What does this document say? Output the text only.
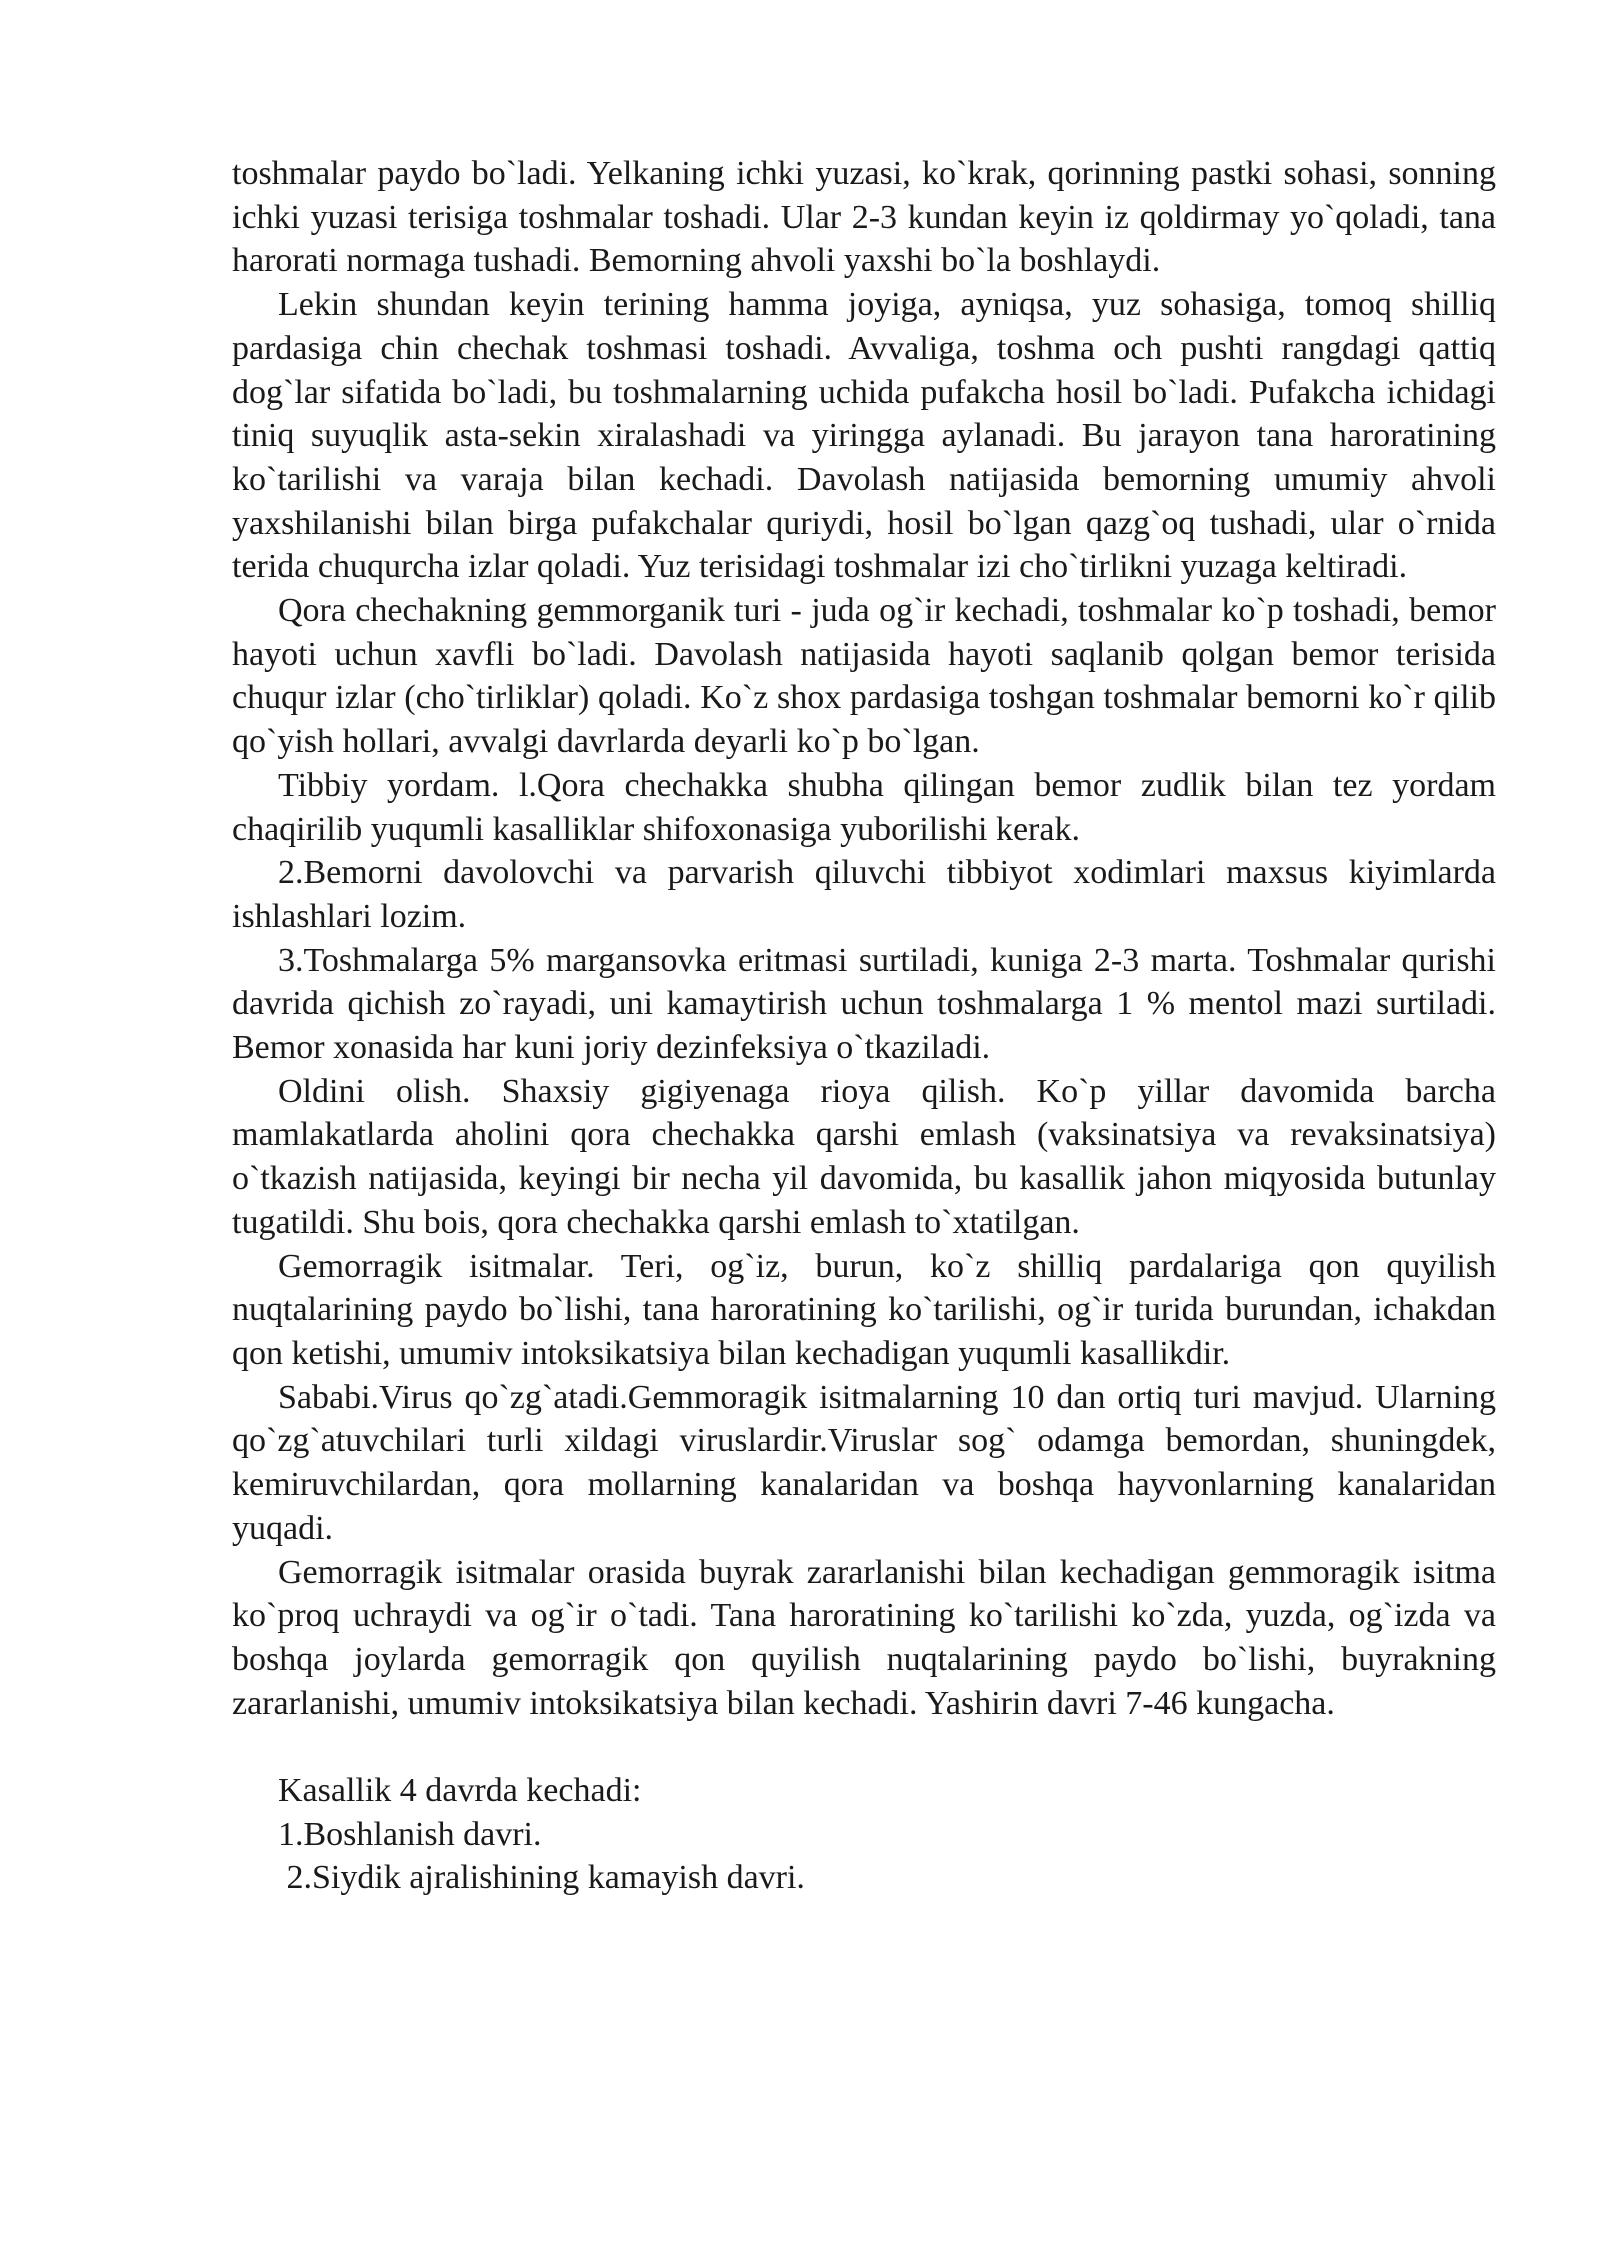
toshmalar paydo bo`ladi. Yelkaning ichki yuzasi, ko`krak, qorinning pastki sohasi, sonning ichki yuzasi terisiga toshmalar toshadi. Ular 2-3 kundan keyin iz qoldirmay yo`qoladi, tana harorati normaga tushadi. Bemorning ahvoli yaxshi bo`la boshlaydi.

Lekin shundan keyin terining hamma joyiga, ayniqsa, yuz sohasiga, tomoq shilliq pardasiga chin chechak toshmasi toshadi. Avvaliga, toshma och pushti rangdagi qattiq dog`lar sifatida bo`ladi, bu toshmalarning uchida pufakcha hosil bo`ladi. Pufakcha ichidagi tiniq suyuqlik asta-sekin xiralashadi va yiringga aylanadi. Bu jarayon tana haroratining ko`tarilishi va varaja bilan kechadi. Davolash natijasida bemorning umumiy ahvoli yaxshilanishi bilan birga pufakchalar quriydi, hosil bo`lgan qazg`oq tushadi, ular o`rnida terida chuqurcha izlar qoladi. Yuz terisidagi toshmalar izi cho`tirlikni yuzaga keltiradi.

Qora chechakning gemmorganik turi - juda og`ir kechadi, toshmalar ko`p toshadi, bemor hayoti uchun xavfli bo`ladi. Davolash natijasida hayoti saqlanib qolgan bemor terisida chuqur izlar (cho`tirliklar) qoladi. Ko`z shox pardasiga toshgan toshmalar bemorni ko`r qilib qo`yish hollari, avvalgi davrlarda deyarli ko`p bo`lgan.

Tibbiy yordam. l.Qora chechakka shubha qilingan bemor zudlik bilan tez yordam chaqirilib yuqumli kasalliklar shifoxonasiga yuborilishi kerak.

2.Bemorni davolovchi va parvarish qiluvchi tibbiyot xodimlari maxsus kiyimlarda ishlashlari lozim.

3.Toshmalarga 5% margansovka eritmasi surtiladi, kuniga 2-3 marta. Toshmalar qurishi davrida qichish zo`rayadi, uni kamaytirish uchun toshmalarga 1 % mentol mazi surtiladi. Bemor xonasida har kuni joriy dezinfeksiya o`tkaziladi.

Oldini olish. Shaxsiy gigiyenaga rioya qilish. Ko`p yillar davomida barcha mamlakatlarda aholini qora chechakka qarshi emlash (vaksinatsiya va revaksinatsiya) o`tkazish natijasida, keyingi bir necha yil davomida, bu kasallik jahon miqyosida butunlay tugatildi. Shu bois, qora chechakka qarshi emlash to`xtatilgan.

Gemorragik isitmalar. Teri, og`iz, burun, ko`z shilliq pardalariga qon quyilish nuqtalarining paydo bo`lishi, tana haroratining ko`tarilishi, og`ir turida burundan, ichakdan qon ketishi, umumiv intoksikatsiya bilan kechadigan yuqumli kasallikdir.

Sababi.Virus qo`zg`atadi.Gemmoragik isitmalarning 10 dan ortiq turi mavjud. Ularning qo`zg`atuvchilari turli xildagi viruslardir.Viruslar sog` odamga bemordan, shuningdek, kemiruvchilardan, qora mollarning kanalaridan va boshqa hayvonlarning kanalaridan yuqadi.

Gemorragik isitmalar orasida buyrak zararlanishi bilan kechadigan gemmoragik isitma ko`proq uchraydi va og`ir o`tadi. Tana haroratining ko`tarilishi ko`zda, yuzda, og`izda va boshqa joylarda gemorragik qon quyilish nuqtalarining paydo bo`lishi, buyrakning zararlanishi, umumiv intoksikatsiya bilan kechadi. Yashirin davri 7-46 kungacha.

Kasallik 4 davrda kechadi:

1.Boshlanish davri.

2.Siydik ajralishining kamayish davri.
